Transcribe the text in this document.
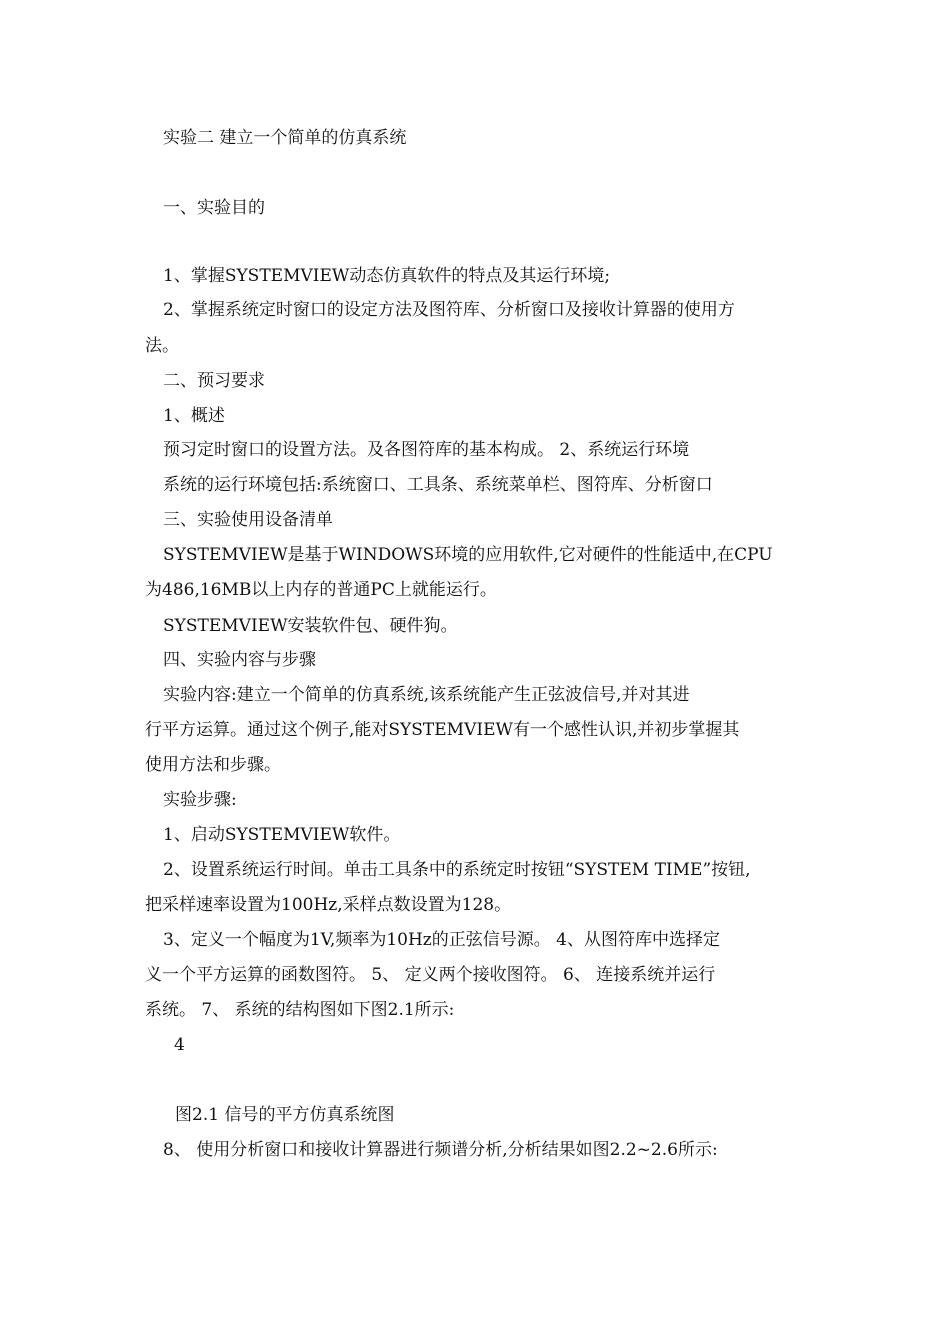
实验二 建立一个简单的仿真系统
一、实验目的
1、掌握SYSTEMVIEW动态仿真软件的特点及其运行环境;
2、掌握系统定时窗口的设定方法及图符库、分析窗口及接收计算器的使用方
法。
二、预习要求
1、概述
预习定时窗口的设置方法。及各图符库的基本构成。 2、系统运行环境
系统的运行环境包括:系统窗口、工具条、系统菜单栏、图符库、分析窗口
三、实验使用设备清单
SYSTEMVIEW是基于WINDOWS环境的应用软件,它对硬件的性能适中,在CPU
为486,16MB以上内存的普通PC上就能运行。
SYSTEMVIEW安装软件包、硬件狗。
四、实验内容与步骤
实验内容:建立一个简单的仿真系统,该系统能产生正弦波信号,并对其进
行平方运算。通过这个例子,能对SYSTEMVIEW有一个感性认识,并初步掌握其
使用方法和步骤。
实验步骤:
1、启动SYSTEMVIEW软件。
2、设置系统运行时间。单击工具条中的系统定时按钮“SYSTEM TIME”按钮,
把采样速率设置为100Hz,采样点数设置为128。
3、定义一个幅度为1V,频率为10Hz的正弦信号源。 4、从图符库中选择定
义一个平方运算的函数图符。 5、 定义两个接收图符。 6、 连接系统并运行
系统。 7、 系统的结构图如下图2.1所示:
4
图2.1 信号的平方仿真系统图
8、 使用分析窗口和接收计算器进行频谱分析,分析结果如图2.2~2.6所示:
